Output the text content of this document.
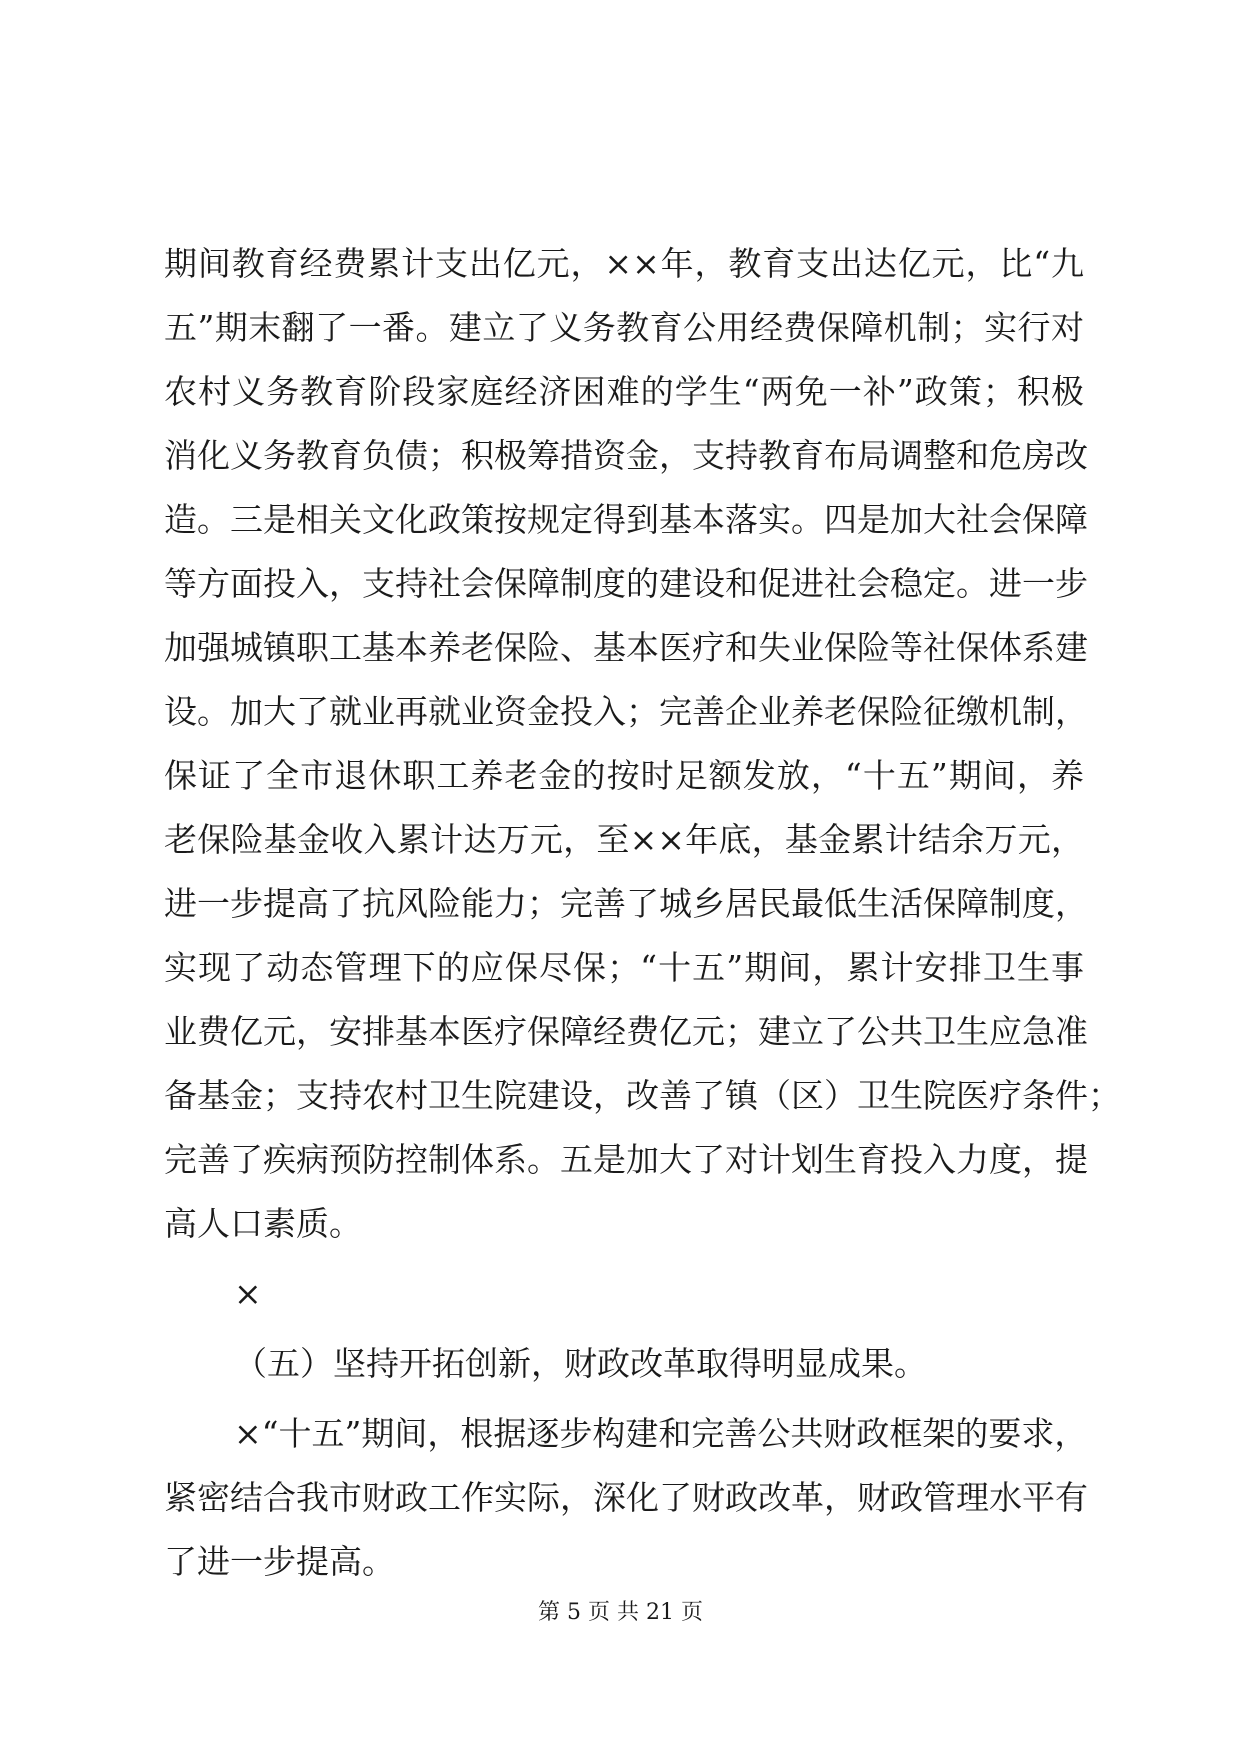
期间教育经费累计支出亿元，××年，教育支出达亿元，比“九
五”期末翻了一番。建立了义务教育公用经费保障机制；实行对
农村义务教育阶段家庭经济困难的学生“两免一补”政策；积极
消化义务教育负债；积极筹措资金，支持教育布局调整和危房改
造。三是相关文化政策按规定得到基本落实。四是加大社会保障
等方面投入，支持社会保障制度的建设和促进社会稳定。进一步
加强城镇职工基本养老保险、基本医疗和失业保险等社保体系建
设。加大了就业再就业资金投入；完善企业养老保险征缴机制，
保证了全市退休职工养老金的按时足额发放，“十五”期间，养
老保险基金收入累计达万元，至××年底，基金累计结余万元，
进一步提高了抗风险能力；完善了城乡居民最低生活保障制度，
实现了动态管理下的应保尽保；“十五”期间，累计安排卫生事
业费亿元，安排基本医疗保障经费亿元；建立了公共卫生应急准
备基金；支持农村卫生院建设，改善了镇（区）卫生院医疗条件；
完善了疾病预防控制体系。五是加大了对计划生育投入力度，提
高人口素质。
×
（五）坚持开拓创新，财政改革取得明显成果。
×“十五”期间，根据逐步构建和完善公共财政框架的要求，
紧密结合我市财政工作实际，深化了财政改革，财政管理水平有
了进一步提高。
第 5 页 共 21 页
